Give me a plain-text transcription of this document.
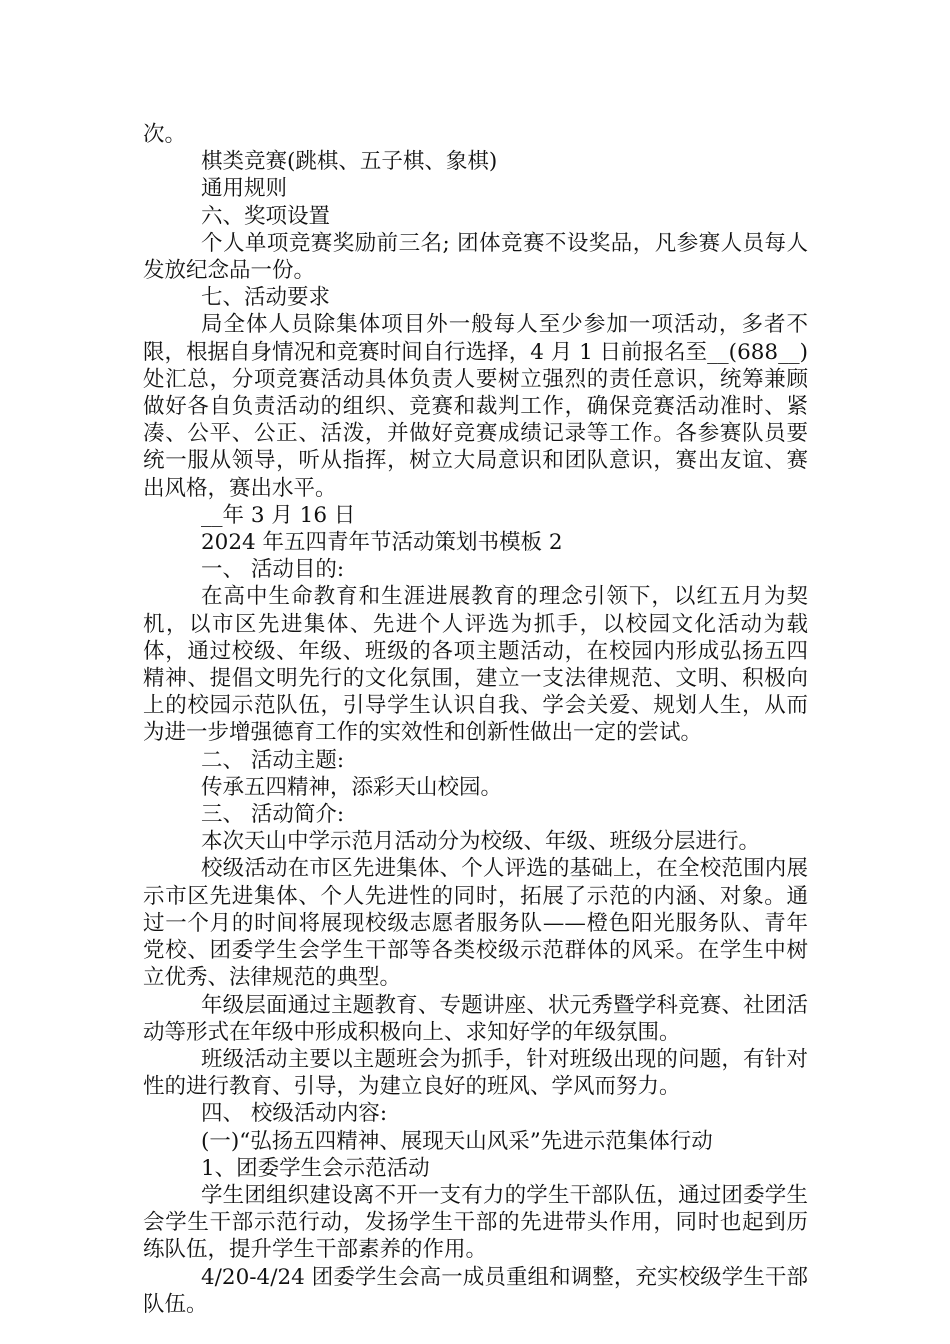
次。

棋类竞赛(跳棋、五子棋、象棋)

通用规则

六、奖项设置

个人单项竞赛奖励前三名; 团体竞赛不设奖品，凡参赛人员每人发放纪念品一份。

七、活动要求

局全体人员除集体项目外一般每人至少参加一项活动，多者不限，根据自身情况和竞赛时间自行选择，4 月 1 日前报名至__(688__)处汇总，分项竞赛活动具体负责人要树立强烈的责任意识，统筹兼顾做好各自负责活动的组织、竞赛和裁判工作，确保竞赛活动准时、紧凑、公平、公正、活泼，并做好竞赛成绩记录等工作。各参赛队员要统一服从领导，听从指挥，树立大局意识和团队意识，赛出友谊、赛出风格，赛出水平。

__年 3 月 16 日

2024 年五四青年节活动策划书模板 2

一、 活动目的:

在高中生命教育和生涯进展教育的理念引领下，以红五月为契机，以市区先进集体、先进个人评选为抓手，以校园文化活动为载体，通过校级、年级、班级的各项主题活动，在校园内形成弘扬五四精神、提倡文明先行的文化氛围，建立一支法律规范、文明、积极向上的校园示范队伍，引导学生认识自我、学会关爱、规划人生，从而为进一步增强德育工作的实效性和创新性做出一定的尝试。

二、 活动主题:

传承五四精神，添彩天山校园。

三、 活动简介:

本次天山中学示范月活动分为校级、年级、班级分层进行。

校级活动在市区先进集体、个人评选的基础上，在全校范围内展示市区先进集体、个人先进性的同时，拓展了示范的内涵、对象。通过一个月的时间将展现校级志愿者服务队——橙色阳光服务队、青年党校、团委学生会学生干部等各类校级示范群体的风采。在学生中树立优秀、法律规范的典型。

年级层面通过主题教育、专题讲座、状元秀暨学科竞赛、社团活动等形式在年级中形成积极向上、求知好学的年级氛围。

班级活动主要以主题班会为抓手，针对班级出现的问题，有针对性的进行教育、引导，为建立良好的班风、学风而努力。

四、 校级活动内容:

(一)“弘扬五四精神、展现天山风采”先进示范集体行动

1、团委学生会示范活动

学生团组织建设离不开一支有力的学生干部队伍，通过团委学生会学生干部示范行动，发扬学生干部的先进带头作用，同时也起到历练队伍，提升学生干部素养的作用。

4/20-4/24 团委学生会高一成员重组和调整，充实校级学生干部队伍。
